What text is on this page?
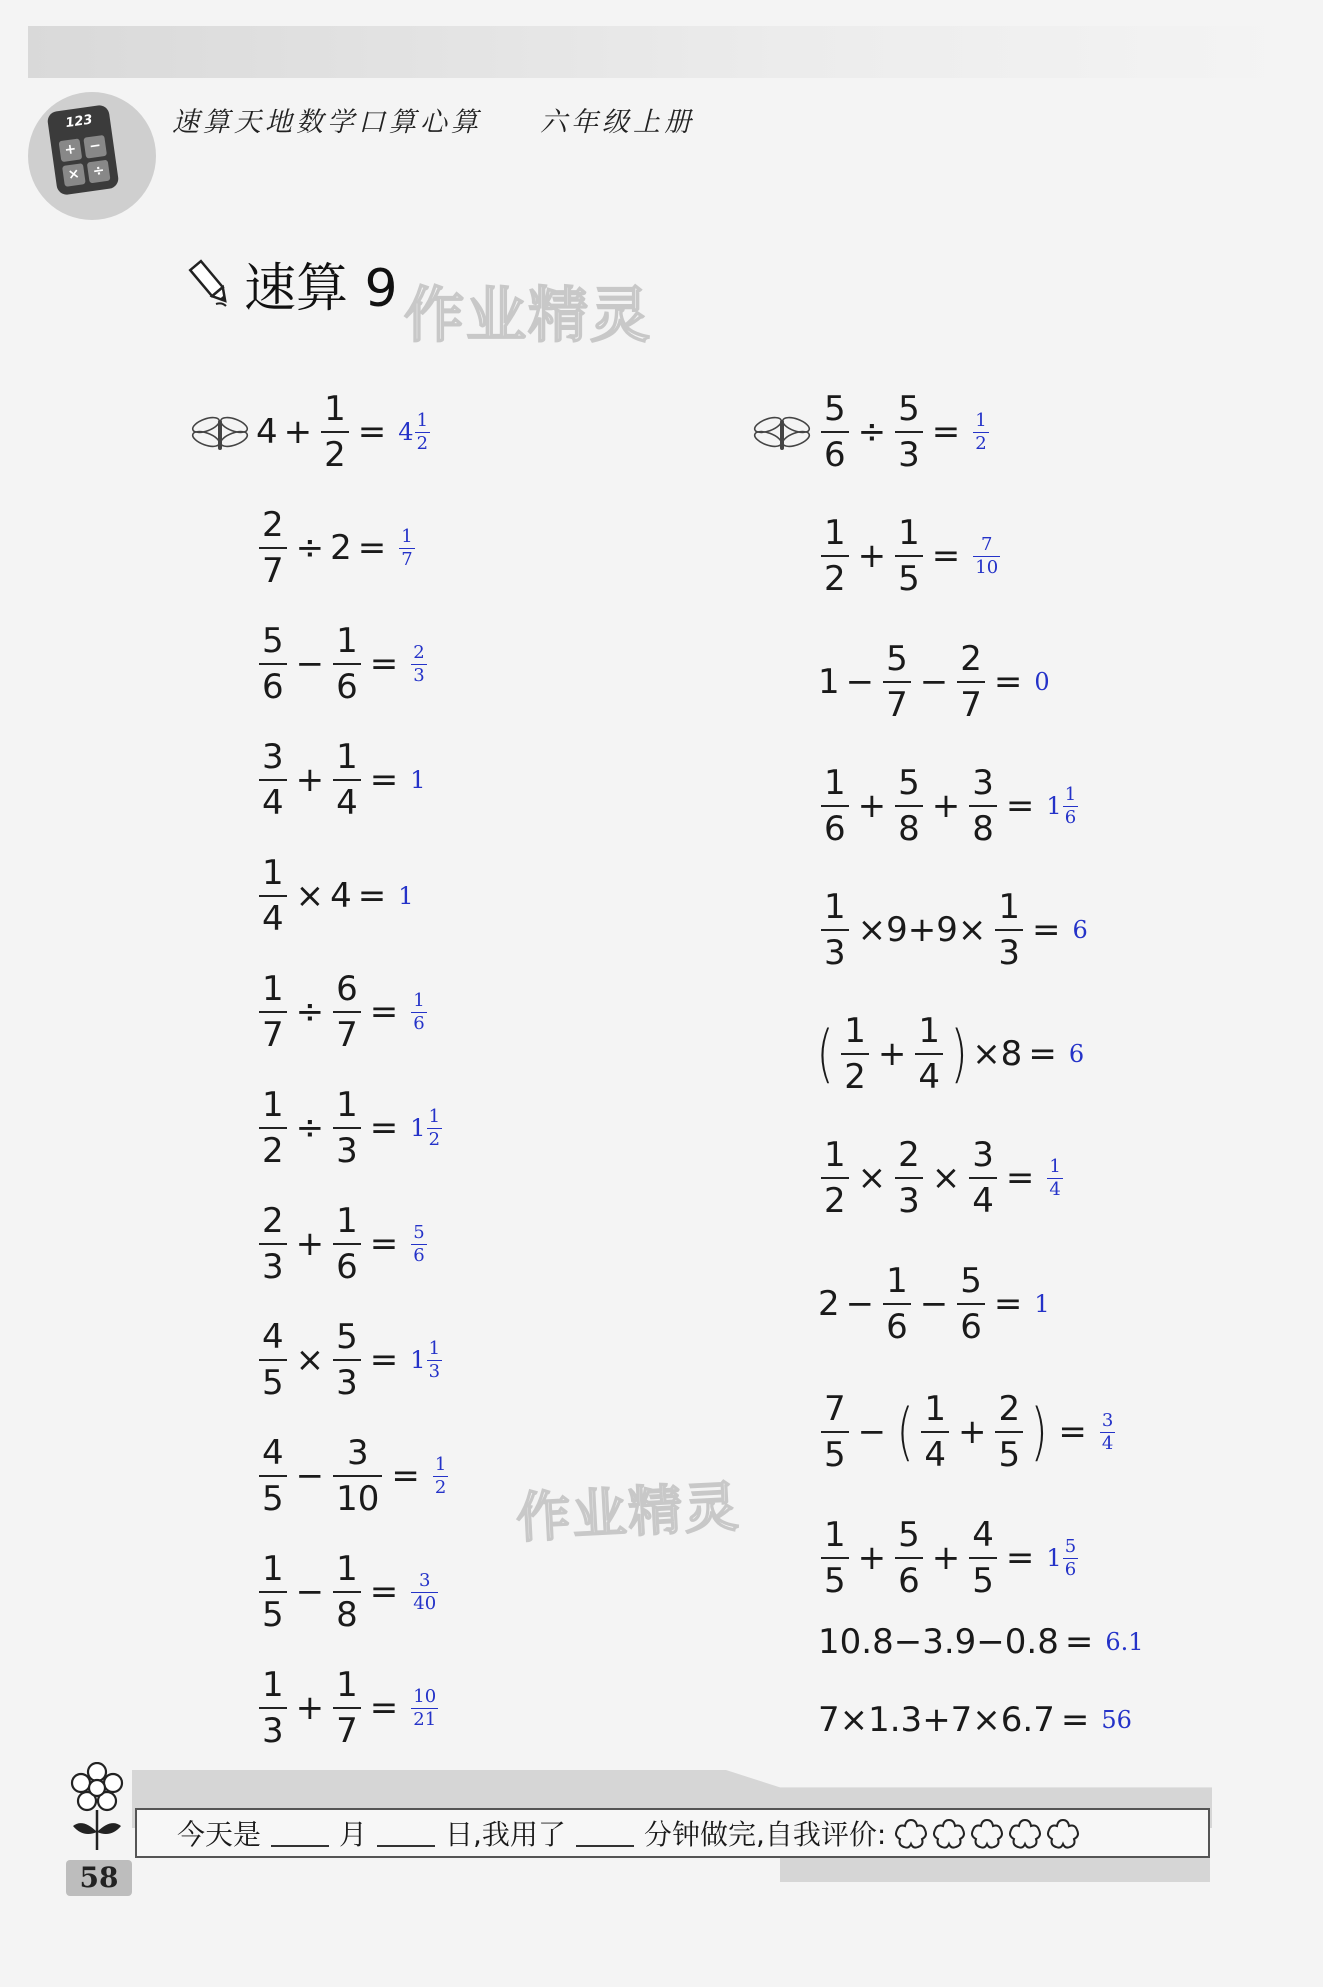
123
+ −
× ÷
速算天地数学口算心算 六年级上册
速算 9 作业精灵
作业精灵
$4 + \frac{1}{2} = 4 \frac{1}{2}$
$\frac{2}{7} \div 2 = \frac{1}{7}$
$\frac{5}{6} - \frac{1}{6} = \frac{2}{3}$
$\frac{3}{4} + \frac{1}{4} = 1$
$\frac{1}{4} \times 4 = 1$
$\frac{1}{7} \div \frac{6}{7} = \frac{1}{6}$
$\frac{1}{2} \div \frac{1}{3} = 1 \frac{1}{2}$
$\frac{2}{3} + \frac{1}{6} = \frac{5}{6}$
$\frac{4}{5} \times \frac{5}{3} = 1 \frac{1}{3}$
$\frac{4}{5} - \frac{3}{10} = \frac{1}{2}$
$\frac{1}{5} - \frac{1}{8} = \frac{3}{40}$
$\frac{1}{3} + \frac{1}{7} = \frac{10}{21}$
$\frac{5}{6} \div \frac{5}{3} = \frac{1}{2}$
$\frac{1}{2} + \frac{1}{5} = \frac{7}{10}$
$1 - \frac{5}{7} - \frac{2}{7} = 0$
$\frac{1}{6} + \frac{5}{8} + \frac{3}{8} = 1 \frac{1}{6}$
$\frac{1}{3} \times 9+9\times \frac{1}{3} = 6$
( $\frac{1}{2} + \frac{1}{4}$ ) ×8 = 6
$\frac{1}{2} \times \frac{2}{3} \times \frac{3}{4} = \frac{1}{4}$
$2 - \frac{1}{6} - \frac{5}{6} = 1$
$\frac{7}{5}$ − ( $\frac{1}{4} + \frac{2}{5}$ ) = $\frac{3}{4}$
$\frac{1}{5} + \frac{5}{6} + \frac{4}{5} = 1 \frac{5}{6}$
10.8−3.9−0.8 = 6.1
7×1.3+7×6.7 = 56
今天是	月	日,我用了	分钟做完,自我评价:
58
